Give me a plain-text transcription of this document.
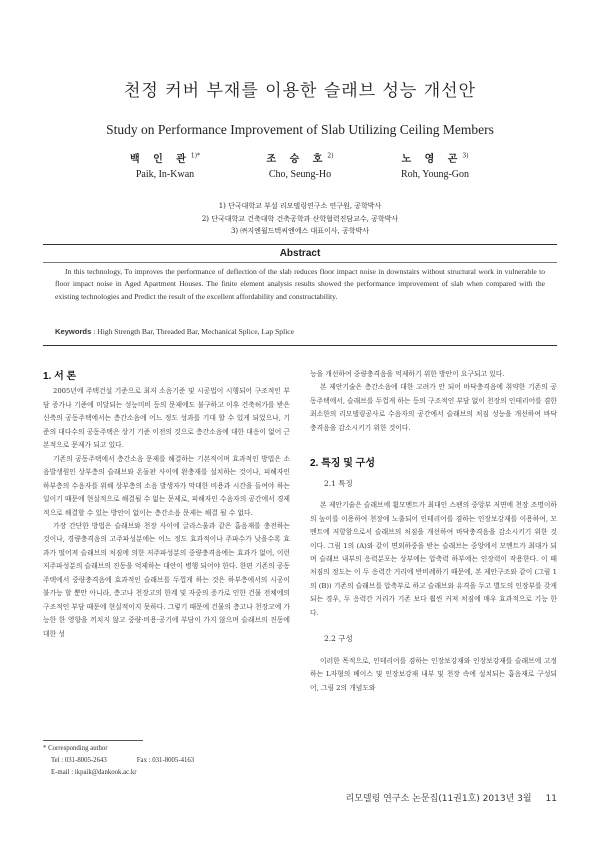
천정 커버 부재를 이용한 슬래브 성능 개선안
Study on Performance Improvement of Slab Utilizing Ceiling Members
백 인 관$^{1)*}$
Paik, In-Kwan
조 승 호$^{2)}$
Cho, Seung-Ho
노 영 곤$^{3)}$
Roh, Young-Gon
1) 단국대학교 부설 리모델링연구소 연구원, 공학박사
2) 단국대학교 건축대학 건축공학과 산학협력진담교수, 공학박사
3) ㈜지엔월드텍씨엔에스 대표이사, 공학박사
Abstract
In this technology, To improves the performance of deflection of the slab reduces floor impact noise in downstairs without structural work in vulnerable to floor impact noise in Aged Apartment Houses. The finite element analysis results showed the performance improvement of slab when compared with the existing technologies and Predict the result of the excellent affordability and constructability.
Keywords : High Strength Bar, Threaded Bar, Mechanical Splice, Lap Splice
1. 서 론

2005년에 주택건설 기준으로 최저 소음기준 및 시공법이 시행되어 구조적인 부담 증가나 기준에 미달되는 성능미비 등의 문제에도 불구하고 이후 건축허가를 받은 신축의 공동주택에서는 층간소음에 어느 정도 성과를 기대 할 수 있게 되었으나, 기준의 대다수의 공동주택은 상기 기준 이전의 것으로 층간소음에 대한 대응이 없어 근본적으로 문제가 되고 있다.

기존의 공동주택에서 층간소음 문제를 해결하는 기본적이며 효과적인 방법은 소음발생원인 상부층의 슬래브와 온돌판 사이에 완충재를 설치하는 것이나, 피해자인 하부층의 수음자를 위해 상부층의 소음 발생자가 막대한 비용과 시간을 들여야 하는 일이기 때문에 현실적으로 해결될 수 없는 문제로, 피해자인 수음자의 공간에서 경제적으로 해결할 수 있는 방안이 없이는 층간소음 문제는 해결 될 수 없다.

가장 간단한 방법은 슬래브와 천장 사이에 글라스울과 같은 흡음재를 충전하는 것이나, 경량충격음의 고주파성분에는 어느 정도 효과적이나 주파수가 낮을수록 효과가 떨어져 슬래브의 처짐에 의한 저주파성분의 중량충격음에는 효과가 없어, 이런 저주파성분의 슬래브의 진동을 억제하는 대안이 병행 되어야 한다. 한편 기존의 공동주택에서 중량충격음에 효과적인 슬래브를 두껍게 하는 것은 하부층에서의 시공이 불가능 할 뿐만 아니라, 층고나 천장고의 한계 및 자중의 증가로 인한 건물 전체에의 구조적인 부담 때문에 현실적이지 못하다. 그렇기 때문에 건물의 층고나 천장고에 가능한 한 영향을 끼치지 않고 중량·비용·공기에 부담이 가지 않으며 슬래브의 진동에 대한 성

능을 개선하여 중량충격음을 억제하기 위한 방안이 요구되고 있다.

본 제안기술은 층간소음에 대한 고려가 안 되어 바닥충격음에 취약한 기존의 공동주택에서, 슬래브를 두껍게 하는 등의 구조적인 부담 없이 천장의 인테리어를 겸한 최소한의 리모델링공사로 수음자의 공간에서 슬래브의 처짐 성능을 개선하여 바닥충격음을 감소시키기 위한 것이다.

2. 특징 및 구성
2.1 특징

본 제안기술은 슬래브에 휨모멘트가 최대인 스팬의 중앙부 저면에 천장 조명이하의 높이를 이용하여 천장에 노출되어 인테리어를 겸하는 인장보강재를 이용하여, 모멘트에 저항함으로서 슬래브의 처짐을 개선하여 바닥충격음을 감소시키기 위한 것이다. 그림 1의 (A)와 같이 면외하중을 받는 슬래브는 중앙에서 모멘트가 최대가 되며 슬래브 내부의 응력분포는 상부에는 압축력 하부에는 인장력이 작용한다. 이 때 처짐의 정도는 이 두 응력간 거리에 반비례하기 때문에, 본 제안구조와 같이 (그림 1의 (B)) 기존의 슬래브를 압축부로 하고 슬래브와 유격을 두고 별도의 인장부를 갖게 되는 경우, 두 응력간 거리가 기존 보다 훨씬 커져 처짐에 매우 효과적으로 기능 한다.

2.2 구성

이러한 목적으로, 인테리어를 겸하는 인장보강재와 인장보강재를 슬래브에 고정하는 L자형의 베이스 및 인장보강재 내부 및 천장 속에 설치되는 흡음재로 구성되어, 그림 2의 개념도와

* Corresponding author
Tel : 031-8005-2643	Fax : 031-8005-4163
E-mail : ikpaik@dankook.ac.kr
리모델링 연구소 논문집(11권1호) 2013년 3월 11
